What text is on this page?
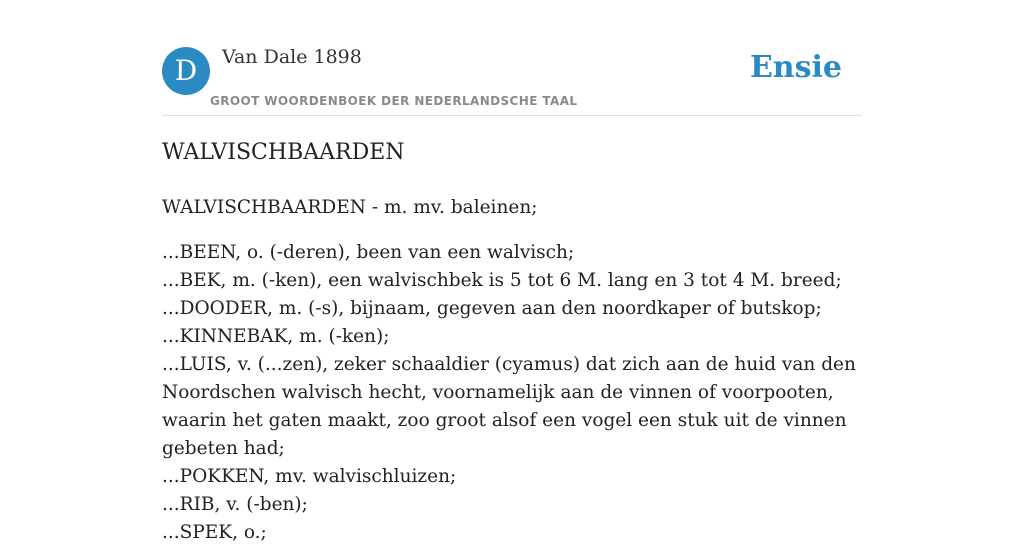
D	Van Dale 1898
GROOT WOORDENBOEK DER NEDERLANDSCHE TAAL
Ensie
WALVISCHBAARDEN
WALVISCHBAARDEN - m. mv. baleinen;
...BEEN, o. (-deren), been van een walvisch;
...BEK, m. (-ken), een walvischbek is 5 tot 6 M. lang en 3 tot 4 M. breed;
...DOODER, m. (-s), bijnaam, gegeven aan den noordkaper of butskop;
...KINNEBAK, m. (-ken);
...LUIS, v. (...zen), zeker schaaldier (cyamus) dat zich aan de huid van den Noordschen walvisch hecht, voornamelijk aan de vinnen of voorpooten, waarin het gaten maakt, zoo groot alsof een vogel een stuk uit de vinnen gebeten had;
...POKKEN, mv. walvischluizen;
...RIB, v. (-ben);
...SPEK, o.;
